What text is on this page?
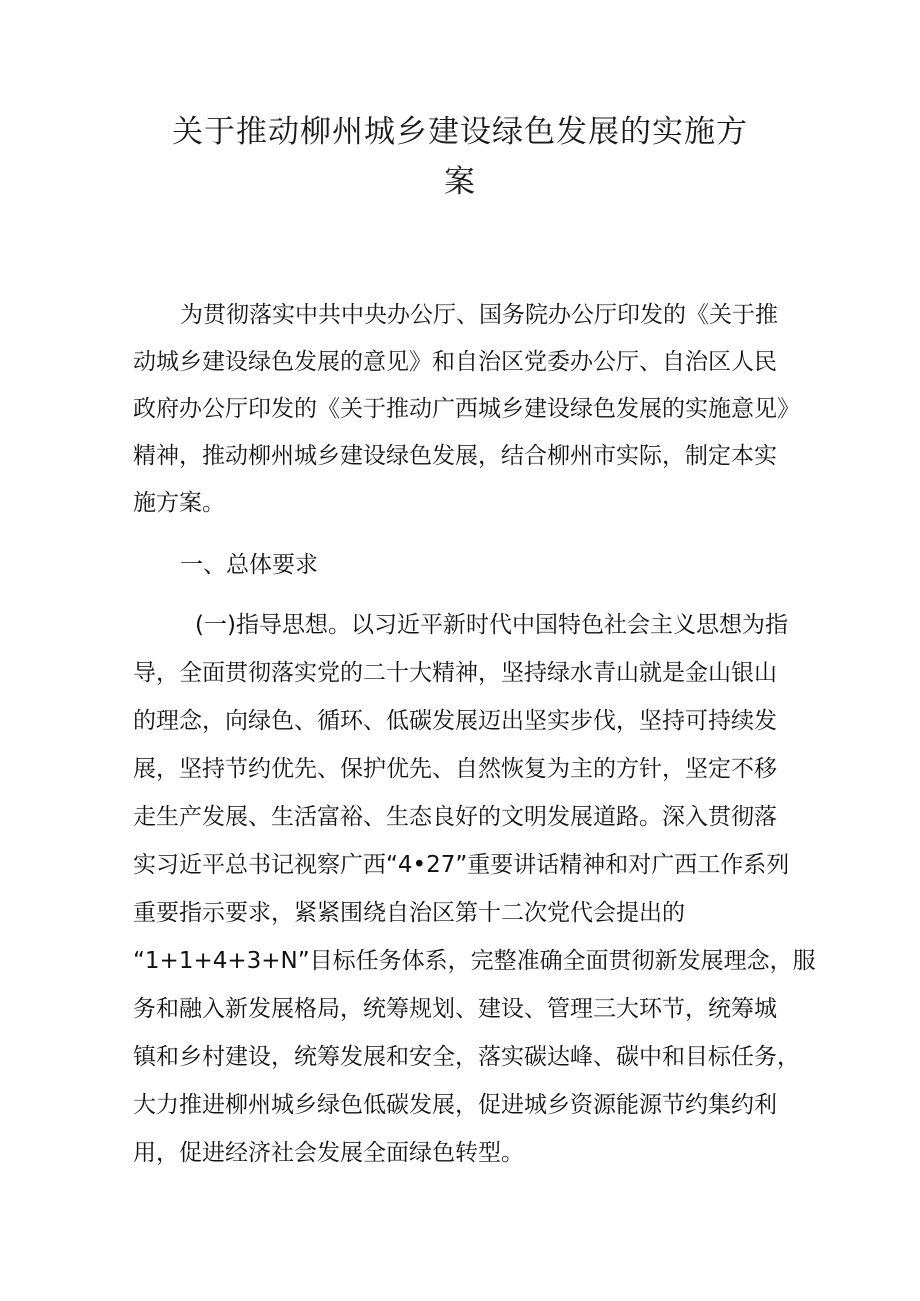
关于推动柳州城乡建设绿色发展的实施方
案
为贯彻落实中共中央办公厅、国务院办公厅印发的《关于推
动城乡建设绿色发展的意见》和自治区党委办公厅、自治区人民
政府办公厅印发的《关于推动广西城乡建设绿色发展的实施意见》
精神，推动柳州城乡建设绿色发展，结合柳州市实际，制定本实
施方案。
一、总体要求
(一)指导思想。以习近平新时代中国特色社会主义思想为指
导，全面贯彻落实党的二十大精神，坚持绿水青山就是金山银山
的理念，向绿色、循环、低碳发展迈出坚实步伐，坚持可持续发
展，坚持节约优先、保护优先、自然恢复为主的方针，坚定不移
走生产发展、生活富裕、生态良好的文明发展道路。深入贯彻落
实习近平总书记视察广西“4•27”重要讲话精神和对广西工作系列
重要指示要求，紧紧围绕自治区第十二次党代会提出的
“1+1+4+3+N”目标任务体系，完整准确全面贯彻新发展理念，服
务和融入新发展格局，统筹规划、建设、管理三大环节，统筹城
镇和乡村建设，统筹发展和安全，落实碳达峰、碳中和目标任务，
大力推进柳州城乡绿色低碳发展，促进城乡资源能源节约集约利
用，促进经济社会发展全面绿色转型。
